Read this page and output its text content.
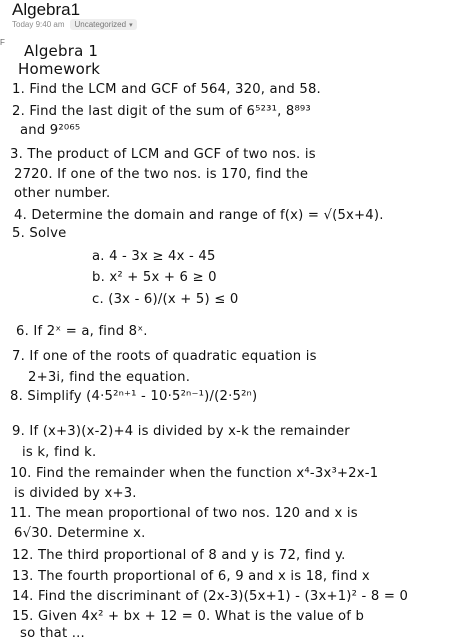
Algebra1
Today 9:40 am Uncategorized ▾
F Algebra 1
Homework
1. Find the LCM and GCF of 564, 320, and 58.
2. Find the last digit of the sum of 6⁵²³¹, 8⁸⁹³
and 9²⁰⁶⁵
3. The product of LCM and GCF of two nos. is
2720. If one of the two nos. is 170, find the
other number.
4. Determine the domain and range of f(x) = √(5x+4).
5. Solve
a. 4 - 3x ≥ 4x - 45
b. x² + 5x + 6 ≥ 0
c. (3x - 6)/(x + 5) ≤ 0
6. If 2ˣ = a, find 8ˣ.
7. If one of the roots of quadratic equation is
2+3i, find the equation.
8. Simplify (4·5²ⁿ⁺¹ - 10·5²ⁿ⁻¹)/(2·5²ⁿ)
9. If (x+3)(x-2)+4 is divided by x-k the remainder
is k, find k.
10. Find the remainder when the function x⁴-3x³+2x-1
is divided by x+3.
11. The mean proportional of two nos. 120 and x is
6√30. Determine x.
12. The third proportional of 8 and y is 72, find y.
13. The fourth proportional of 6, 9 and x is 18, find x
14. Find the discriminant of (2x-3)(5x+1) - (3x+1)² - 8 = 0
15. Given 4x² + bx + 12 = 0. What is the value of b
so that ...
